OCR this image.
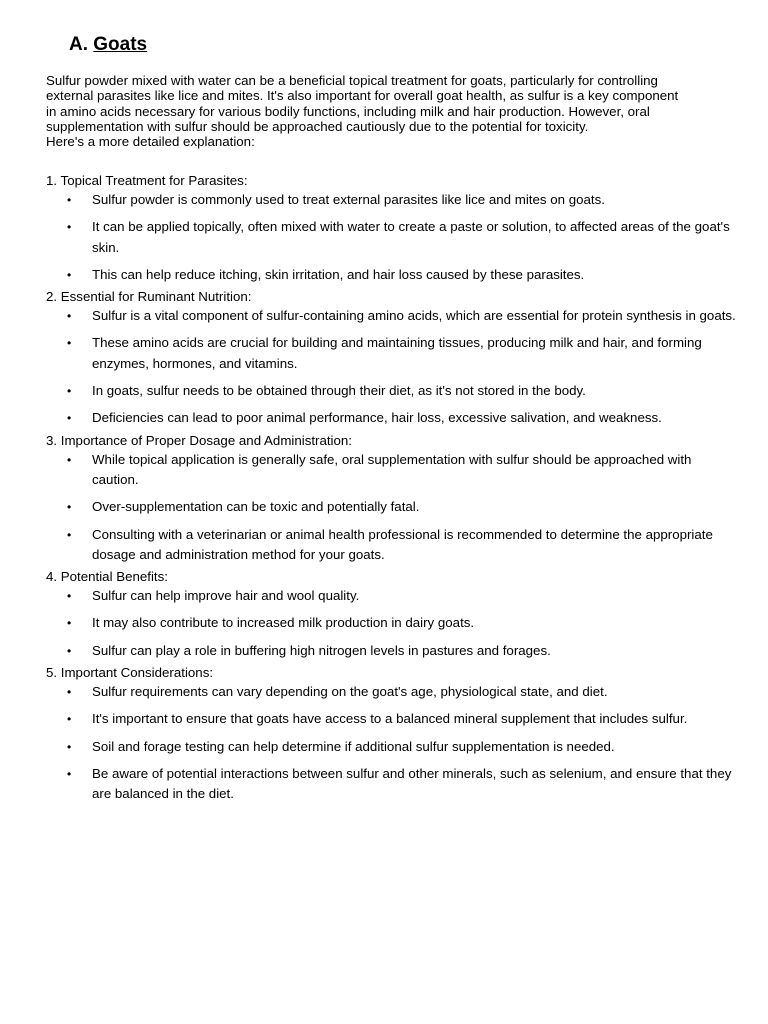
A. Goats
Sulfur powder mixed with water can be a beneficial topical treatment for goats, particularly for controlling
external parasites like lice and mites. It's also important for overall goat health, as sulfur is a key component
in amino acids necessary for various bodily functions, including milk and hair production. However, oral
supplementation with sulfur should be approached cautiously due to the potential for toxicity.
Here's a more detailed explanation:
1. Topical Treatment for Parasites:
• Sulfur powder is commonly used to treat external parasites like lice and mites on goats.
• It can be applied topically, often mixed with water to create a paste or solution, to affected areas of the goat's skin.
• This can help reduce itching, skin irritation, and hair loss caused by these parasites.
2. Essential for Ruminant Nutrition:
• Sulfur is a vital component of sulfur-containing amino acids, which are essential for protein synthesis in goats.
• These amino acids are crucial for building and maintaining tissues, producing milk and hair, and forming enzymes, hormones, and vitamins.
• In goats, sulfur needs to be obtained through their diet, as it's not stored in the body.
• Deficiencies can lead to poor animal performance, hair loss, excessive salivation, and weakness.
3. Importance of Proper Dosage and Administration:
• While topical application is generally safe, oral supplementation with sulfur should be approached with caution.
• Over-supplementation can be toxic and potentially fatal.
• Consulting with a veterinarian or animal health professional is recommended to determine the appropriate dosage and administration method for your goats.
4. Potential Benefits:
• Sulfur can help improve hair and wool quality.
• It may also contribute to increased milk production in dairy goats.
• Sulfur can play a role in buffering high nitrogen levels in pastures and forages.
5. Important Considerations:
• Sulfur requirements can vary depending on the goat's age, physiological state, and diet.
• It's important to ensure that goats have access to a balanced mineral supplement that includes sulfur.
• Soil and forage testing can help determine if additional sulfur supplementation is needed.
• Be aware of potential interactions between sulfur and other minerals, such as selenium, and ensure that they are balanced in the diet.
